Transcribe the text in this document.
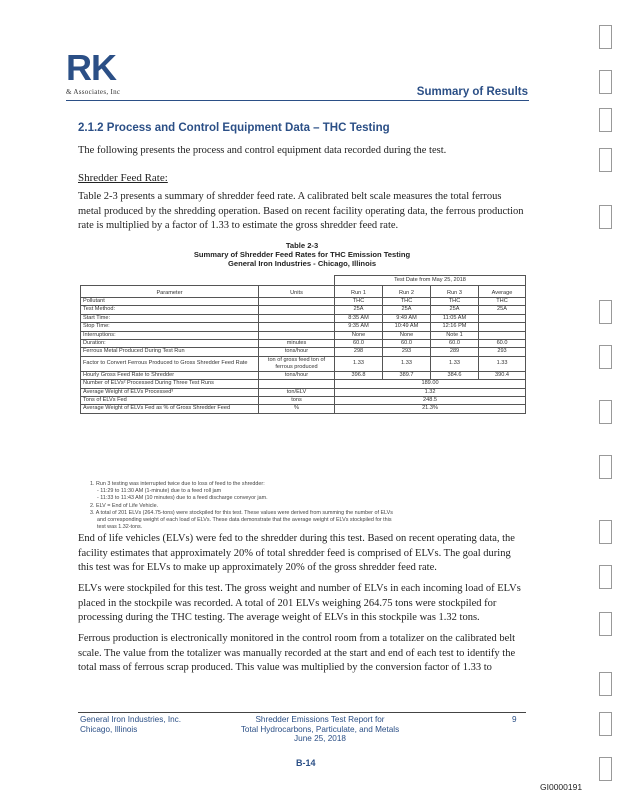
RK
& Associates, Inc	Summary of Results
2.1.2 Process and Control Equipment Data – THC Testing
The following presents the process and control equipment data recorded during the test.
Shredder Feed Rate:
Table 2-3 presents a summary of shredder feed rate. A calibrated belt scale measures the total ferrous metal produced by the shredding operation. Based on recent facility operating data, the ferrous production rate is multiplied by a factor of 1.33 to estimate the gross shredder feed rate.
Table 2-3
Summary of Shredder Feed Rates for THC Emission Testing
General Iron Industries - Chicago, Illinois
		Test Date from May 25, 2018			
Parameter	Units	Run 1	Run 2	Run 3	Average
Pollutant		THC	THC	THC	THC
Test Method:		25A	25A	25A	25A
Start Time:		8:35 AM	9:49 AM	11:05 AM	
Stop Time:		9:35 AM	10:49 AM	12:16 PM	
Interruptions:		None	None	Note 1	
Duration:	minutes	60.0	60.0	60.0	60.0
Ferrous Metal Produced During Test Run	tons/hour	298	293	289	293
Factor to Convert Ferrous Produced to Gross Shredder Feed Rate	ton of gross feed ton of ferrous produced	1.33	1.33	1.33	1.33
Hourly Gross Feed Rate to Shredder	tons/hour	396.8	389.7	384.6	390.4
Number of ELVs² Processed During Three Test Runs		189.00			
Average Weight of ELVs Processed³	ton/ELV	1.32			
Tons of ELVs Fed	tons	248.5			
Average Weight of ELVs Fed as % of Gross Shredder Feed	%	21.3%			
1. Run 3 testing was interrupted twice due to loss of feed to the shredder:
- 11:29 to 11:30 AM (1-minute) due to a feed roll jam
- 11:33 to 11:43 AM (10 minutes) due to a feed discharge conveyor jam.
2. ELV = End of Life Vehicle.
3. A total of 201 ELVs (264.75-tons) were stockpiled for this test. These values were derived from summing the number of ELVs
and corresponding weight of each load of ELVs. These data demonstrate that the average weight of ELVs stockpiled for this
test was 1.32-tons.
End of life vehicles (ELVs) were fed to the shredder during this test. Based on recent operating data, the facility estimates that approximately 20% of total shredder feed is comprised of ELVs. The goal during this test was for ELVs to make up approximately 20% of the gross shredder feed rate.
ELVs were stockpiled for this test. The gross weight and number of ELVs in each incoming load of ELVs placed in the stockpile was recorded. A total of 201 ELVs weighing 264.75 tons were stockpiled for processing during the THC testing. The average weight of ELVs in this stockpile was 1.32 tons.
Ferrous production is electronically monitored in the control room from a totalizer on the calibrated belt scale. The value from the totalizer was manually recorded at the start and end of each test to identify the total mass of ferrous scrap produced. This value was multiplied by the conversion factor of 1.33 to
General Iron Industries, Inc.
Chicago, Illinois
Shredder Emissions Test Report for
Total Hydrocarbons, Particulate, and Metals
June 25, 2018
9
B-14
GI0000191
